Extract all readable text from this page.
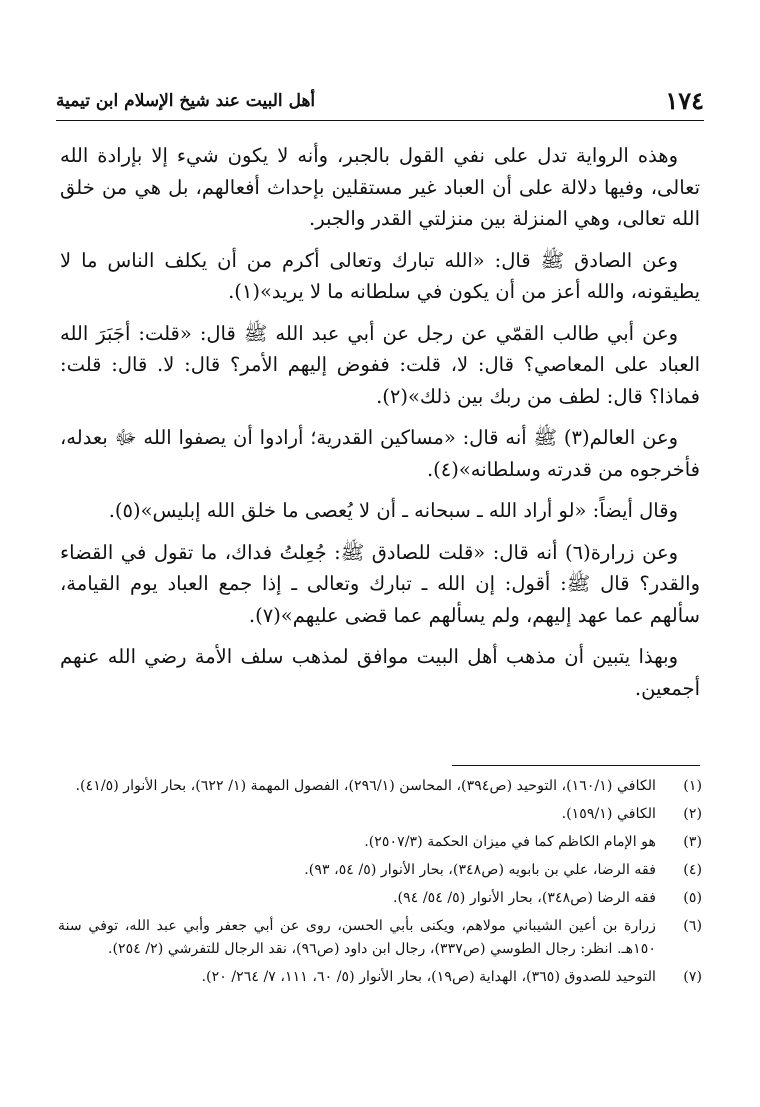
١٧٤
أهل البيت عند شيخ الإسلام ابن تيمية

وهذه الرواية تدل على نفي القول بالجبر، وأنه لا يكون شيء إلا بإرادة الله تعالى، وفيها دلالة على أن العباد غير مستقلين بإحداث أفعالهم، بل هي من خلق الله تعالى، وهي المنزلة بين منزلتي القدر والجبر.

وعن الصادق ﷺ قال: «الله تبارك وتعالى أكرم من أن يكلف الناس ما لا يطيقونه، والله أعز من أن يكون في سلطانه ما لا يريد»(١).

وعن أبي طالب القمّي عن رجل عن أبي عبد الله ﷺ قال: «قلت: أجَبَرَ الله العباد على المعاصي؟ قال: لا، قلت: ففوض إليهم الأمر؟ قال: لا. قال: قلت: فماذا؟ قال: لطف من ربك بين ذلك»(٢).

وعن العالم(٣) ﷺ أنه قال: «مساكين القدرية؛ أرادوا أن يصفوا الله ﷻ بعدله، فأخرجوه من قدرته وسلطانه»(٤).

وقال أيضاً: «لو أراد الله ـ سبحانه ـ أن لا يُعصى ما خلق الله إبليس»(٥).

وعن زرارة(٦) أنه قال: «قلت للصادق ﷺ: جُعِلتُ فداك، ما تقول في القضاء والقدر؟ قال ﷺ: أقول: إن الله ـ تبارك وتعالى ـ إذا جمع العباد يوم القيامة، سألهم عما عهد إليهم، ولم يسألهم عما قضى عليهم»(٧).

وبهذا يتبين أن مذهب أهل البيت موافق لمذهب سلف الأمة رضي الله عنهم أجمعين.

(١)
الكافي (١٦٠/١)، التوحيد (ص٣٩٤)، المحاسن (٢٩٦/١)، الفصول المهمة (١/ ٦٢٢)، بحار الأنوار (٤١/٥).
(٢)
الكافي (١٥٩/١).
(٣)
هو الإمام الكاظم كما في ميزان الحكمة (٢٥٠٧/٣).
(٤)
فقه الرضا، علي بن بابويه (ص٣٤٨)، بحار الأنوار (٥/ ٥٤، ٩٣).
(٥)
فقه الرضا (ص٣٤٨)، بحار الأنوار (٥/ ٥٤/ ٩٤).
(٦)
زرارة بن أعين الشيباني مولاهم، ويكنى بأبي الحسن، روى عن أبي جعفر وأبي عبد الله، توفي سنة ١٥٠هـ. انظر: رجال الطوسي (ص٣٣٧)، رجال ابن داود (ص٩٦)، نقد الرجال للتفرشي (٢/ ٢٥٤).
(٧)
التوحيد للصدوق (٣٦٥)، الهداية (ص١٩)، بحار الأنوار (٥/ ٦٠، ١١١، ٧/ ٢٦٤/ ٢٠).
